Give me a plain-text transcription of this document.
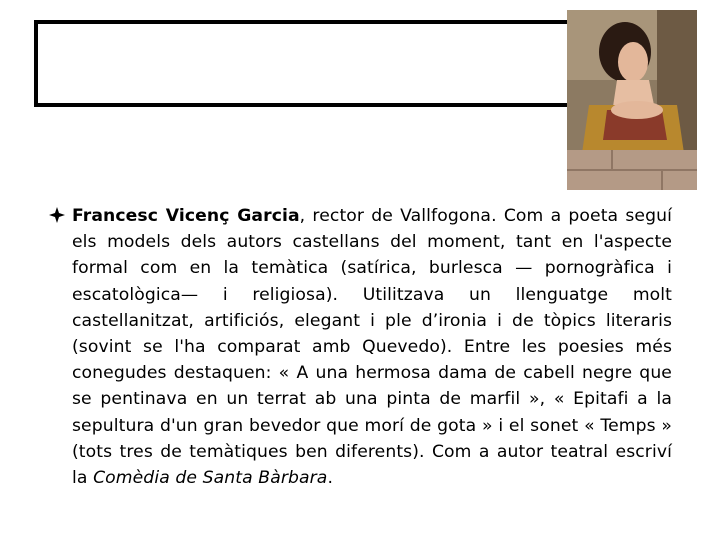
Francesc Vicenç Garcia, rector de Vallfogona. Com a poeta seguí els models dels autors castellans del moment, tant en l'aspecte formal com en la temàtica (satírica, burlesca — pornogràfica i escatològica— i religiosa). Utilitzava un llenguatge molt castellanitzat, artificiós, elegant i ple d’ironia i de tòpics literaris (sovint se l'ha comparat amb Quevedo). Entre les poesies més conegudes destaquen: « A una hermosa dama de cabell negre que se pentinava en un terrat ab una pinta de marfil », « Epitafi a la sepultura d'un gran bevedor que morí de gota » i el sonet « Temps » (tots tres de temàtiques ben diferents). Com a autor teatral escriví la Comèdia de Santa Bàrbara.
